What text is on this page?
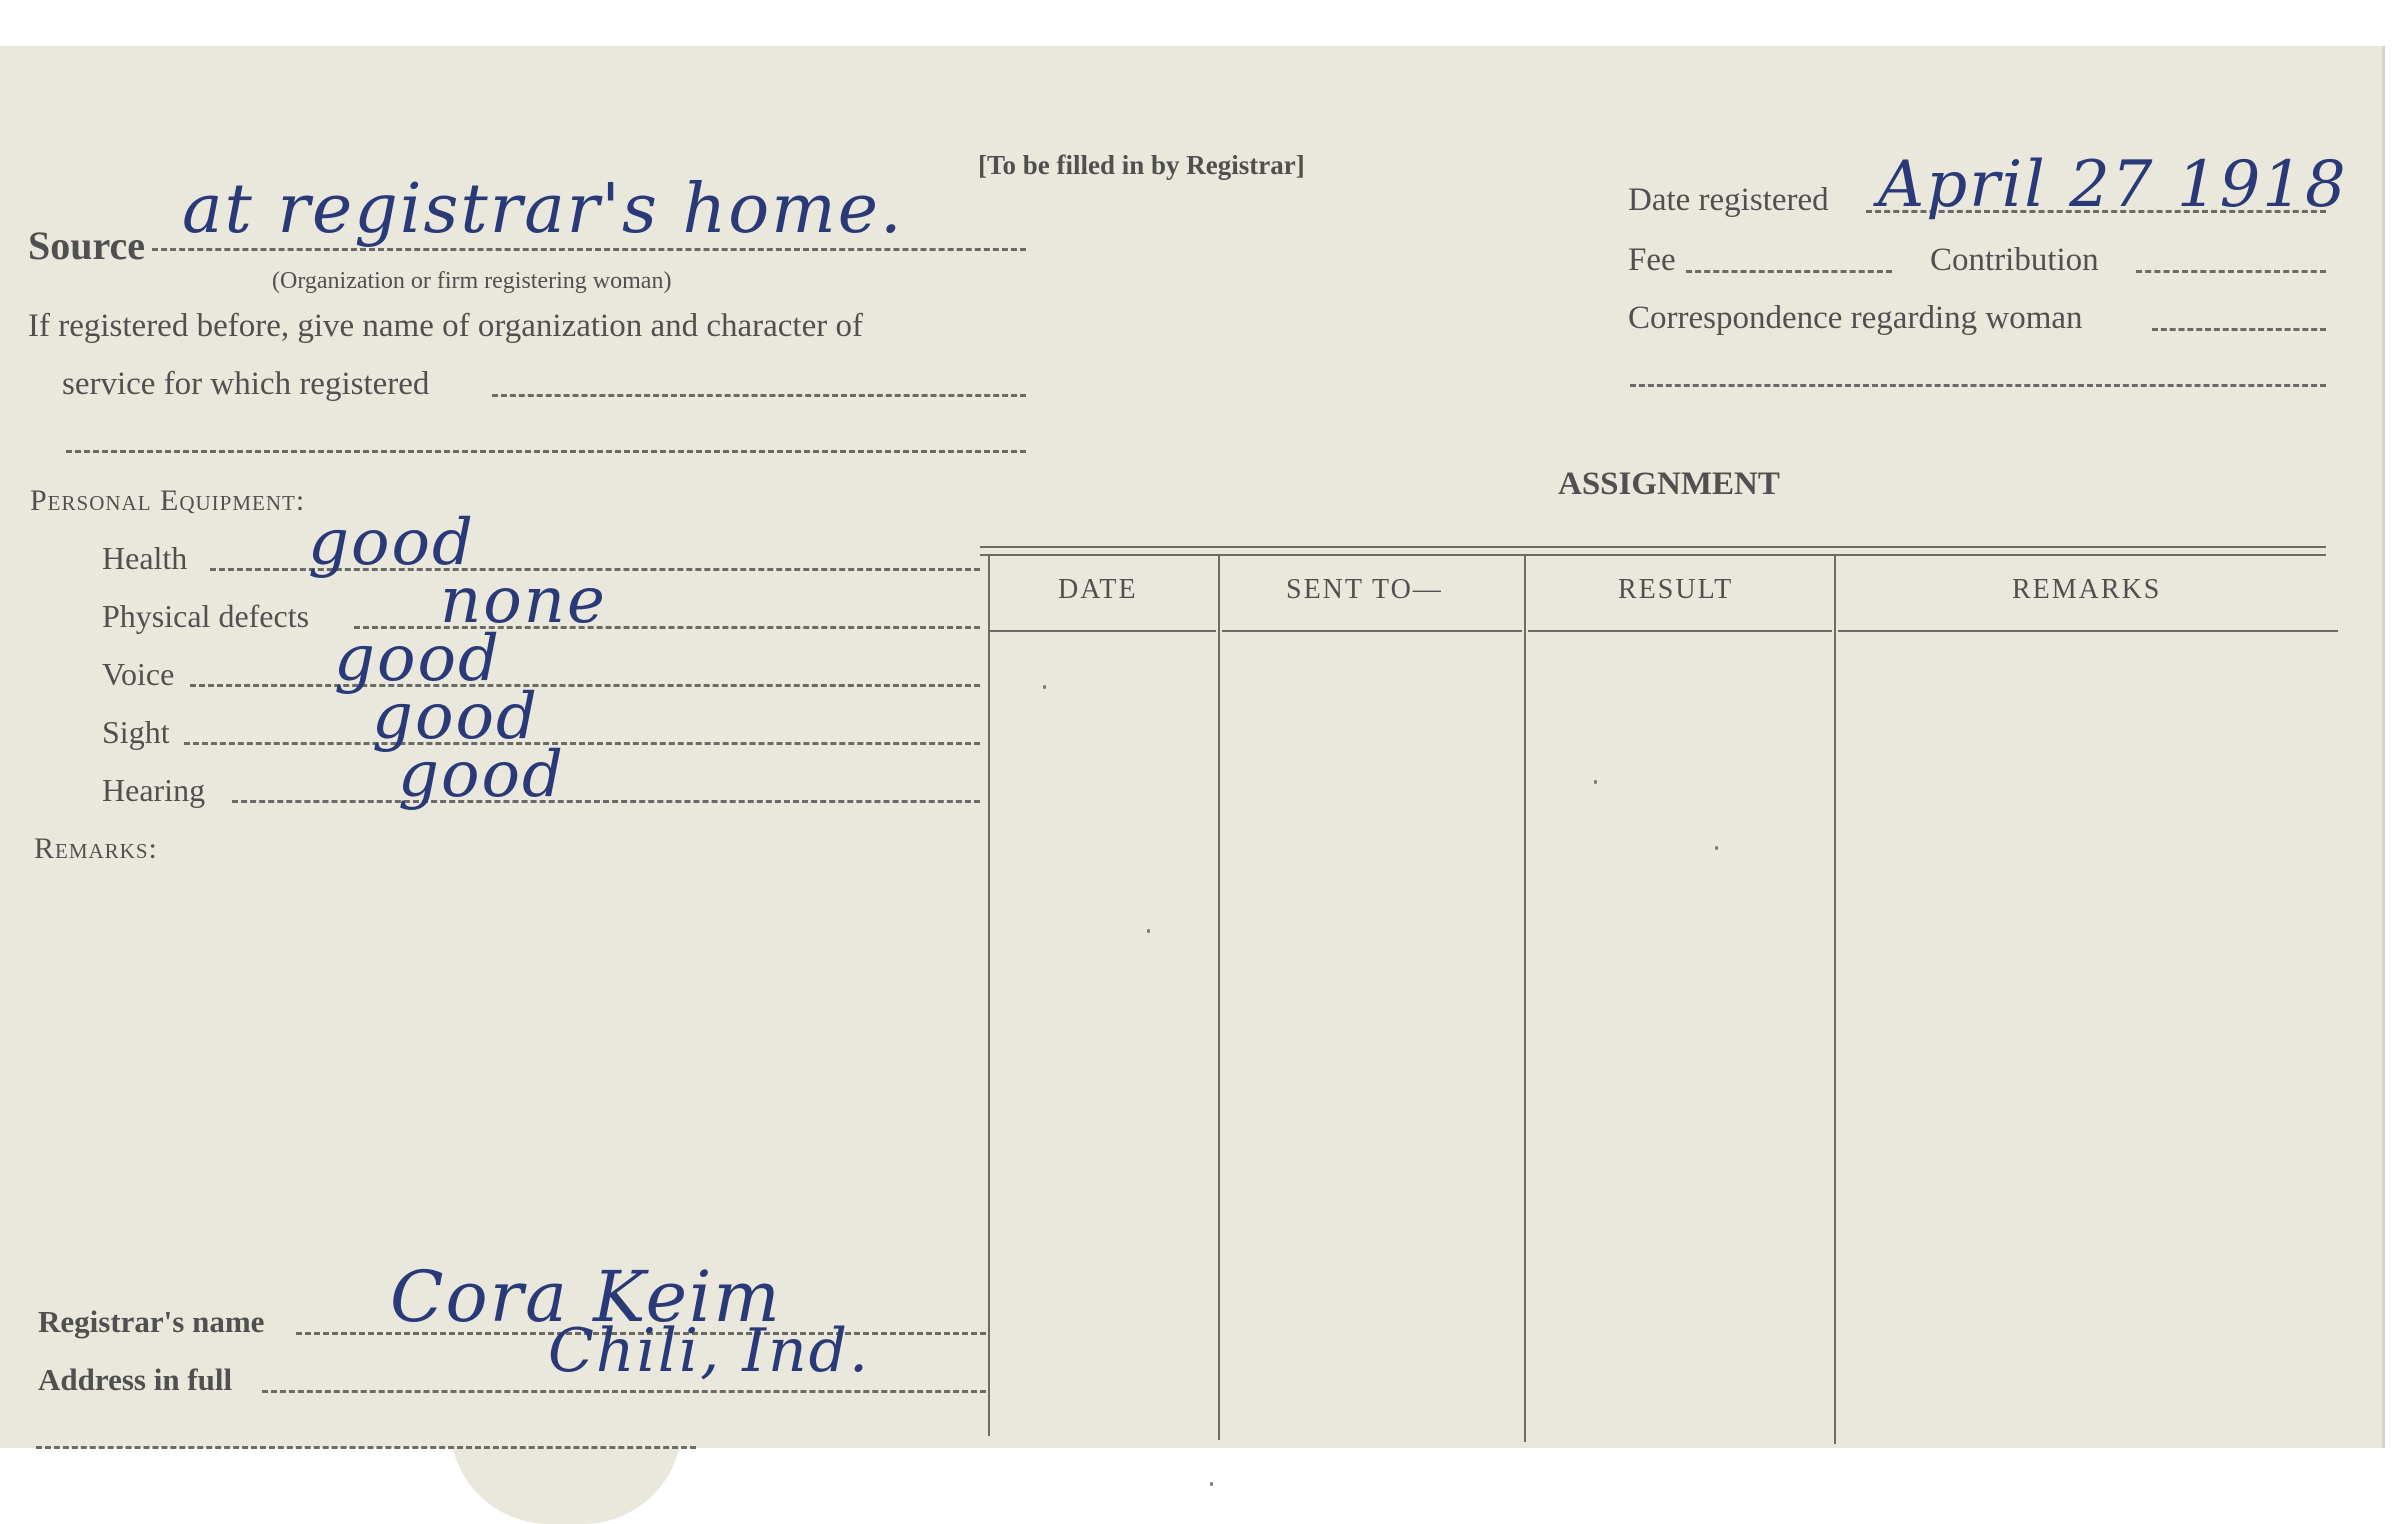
[To be filled in by Registrar]
Source at registrar's home.
(Organization or firm registering woman)
If registered before, give name of organization and character of
service for which registered
Date registered April 27 1918
Fee	Contribution
Correspondence regarding woman
Personal Equipment:
Health good
Physical defects none
Voice good
Sight	good
Hearing	good
Remarks:
ASSIGNMENT
DATE	SENT TO—	RESULT	REMARKS
Registrar's name Cora Keim
Address in full	Chili, Ind.
